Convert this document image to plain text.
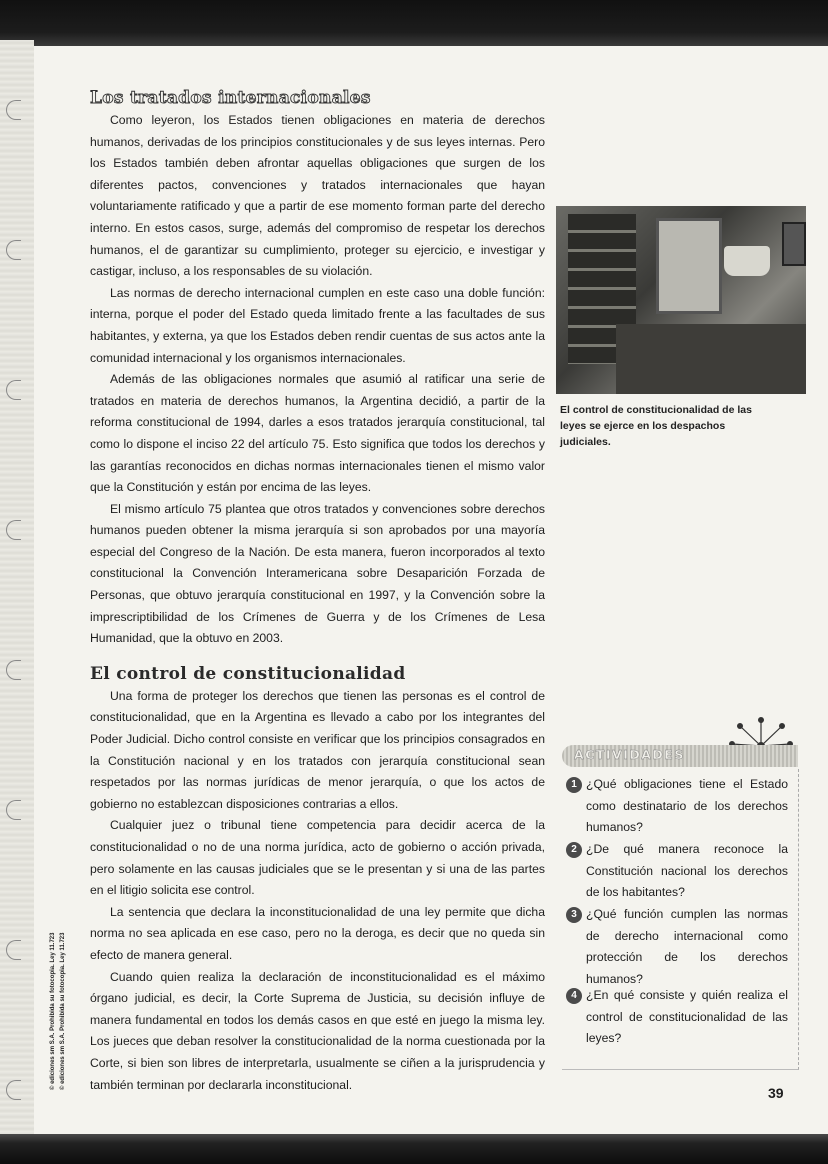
© ediciones sm S.A. Prohibida su fotocopia. Ley 11.723 © ediciones sm S.A. Prohibida su fotocopia. Ley 11.723
Los tratados internacionales

Como leyeron, los Estados tienen obligaciones en materia de derechos humanos, derivadas de los principios constitucionales y de sus leyes internas. Pero los Estados también deben afrontar aquellas obligaciones que surgen de los diferentes pactos, convenciones y tratados internacionales que hayan voluntariamente ratificado y que a partir de ese momento forman parte del derecho interno. En estos casos, surge, además del compromiso de respetar los derechos humanos, el de garantizar su cumplimiento, proteger su ejercicio, e investigar y castigar, incluso, a los responsables de su violación.

Las normas de derecho internacional cumplen en este caso una doble función: interna, porque el poder del Estado queda limitado frente a las facultades de sus habitantes, y externa, ya que los Estados deben rendir cuentas de sus actos ante la comunidad internacional y los organismos internacionales.

Además de las obligaciones normales que asumió al ratificar una serie de tratados en materia de derechos humanos, la Argentina decidió, a partir de la reforma constitucional de 1994, darles a esos tratados jerarquía constitucional, tal como lo dispone el inciso 22 del artículo 75. Esto significa que todos los derechos y las garantías reconocidos en dichas normas internacionales tienen el mismo valor que la Constitución y están por encima de las leyes.

El mismo artículo 75 plantea que otros tratados y convenciones sobre derechos humanos pueden obtener la misma jerarquía si son aprobados por una mayoría especial del Congreso de la Nación. De esta manera, fueron incorporados al texto constitucional la Convención Interamericana sobre Desaparición Forzada de Personas, que obtuvo jerarquía constitucional en 1997, y la Convención sobre la imprescriptibilidad de los Crímenes de Guerra y de los Crímenes de Lesa Humanidad, que la obtuvo en 2003.

El control de constitucionalidad

Una forma de proteger los derechos que tienen las personas es el control de constitucionalidad, que en la Argentina es llevado a cabo por los integrantes del Poder Judicial. Dicho control consiste en verificar que los principios consagrados en la Constitución nacional y en los tratados con jerarquía constitucional sean respetados por las normas jurídicas de menor jerarquía, o que los actos de gobierno no establezcan disposiciones contrarias a ellos.

Cualquier juez o tribunal tiene competencia para decidir acerca de la constitucionalidad o no de una norma jurídica, acto de gobierno o acción privada, pero solamente en las causas judiciales que se le presentan y si una de las partes en el litigio solicita ese control.

La sentencia que declara la inconstitucionalidad de una ley permite que dicha norma no sea aplicada en ese caso, pero no la deroga, es decir que no queda sin efecto de manera general.

Cuando quien realiza la declaración de inconstitucionalidad es el máximo órgano judicial, es decir, la Corte Suprema de Justicia, su decisión influye de manera fundamental en todos los demás casos en que esté en juego la misma ley. Los jueces que deban resolver la constitucionalidad de la norma cuestionada por la Corte, si bien son libres de interpretarla, usualmente se ciñen a la jurisprudencia y también terminan por declararla inconstitucional.

El control de constitucionalidad de las leyes se ejerce en los despachos judiciales.
ACTIVIDADES
1 ¿Qué obligaciones tiene el Estado como destinatario de los derechos humanos?
2 ¿De qué manera reconoce la Constitución nacional los derechos de los habitantes?
3 ¿Qué función cumplen las normas de derecho internacional como protección de los derechos humanos?
4 ¿En qué consiste y quién realiza el control de constitucionalidad de las leyes?
39
